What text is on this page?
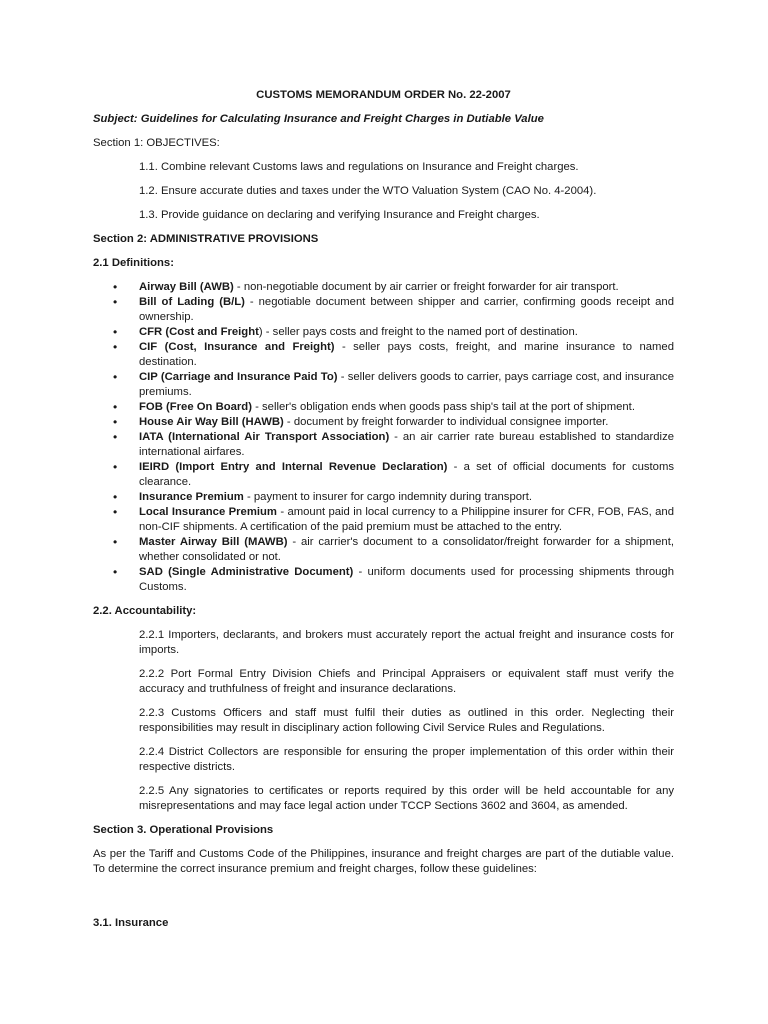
CUSTOMS MEMORANDUM ORDER No. 22-2007

Subject: Guidelines for Calculating Insurance and Freight Charges in Dutiable Value

Section 1: OBJECTIVES:

1.1. Combine relevant Customs laws and regulations on Insurance and Freight charges.

1.2. Ensure accurate duties and taxes under the WTO Valuation System (CAO No. 4-2004).

1.3. Provide guidance on declaring and verifying Insurance and Freight charges.

Section 2: ADMINISTRATIVE PROVISIONS

2.1 Definitions:

• Airway Bill (AWB) - non-negotiable document by air carrier or freight forwarder for air transport.
• Bill of Lading (B/L) - negotiable document between shipper and carrier, confirming goods receipt and ownership.
• CFR (Cost and Freight) - seller pays costs and freight to the named port of destination.
• CIF (Cost, Insurance and Freight) - seller pays costs, freight, and marine insurance to named destination.
• CIP (Carriage and Insurance Paid To) - seller delivers goods to carrier, pays carriage cost, and insurance premiums.
• FOB (Free On Board) - seller's obligation ends when goods pass ship's tail at the port of shipment.
• House Air Way Bill (HAWB) - document by freight forwarder to individual consignee importer.
• IATA (International Air Transport Association) - an air carrier rate bureau established to standardize international airfares.
• IEIRD (Import Entry and Internal Revenue Declaration) - a set of official documents for customs clearance.
• Insurance Premium - payment to insurer for cargo indemnity during transport.
• Local Insurance Premium - amount paid in local currency to a Philippine insurer for CFR, FOB, FAS, and non-CIF shipments. A certification of the paid premium must be attached to the entry.
• Master Airway Bill (MAWB) - air carrier's document to a consolidator/freight forwarder for a shipment, whether consolidated or not.
• SAD (Single Administrative Document) - uniform documents used for processing shipments through Customs.

2.2. Accountability:

2.2.1 Importers, declarants, and brokers must accurately report the actual freight and insurance costs for imports.

2.2.2 Port Formal Entry Division Chiefs and Principal Appraisers or equivalent staff must verify the accuracy and truthfulness of freight and insurance declarations.

2.2.3 Customs Officers and staff must fulfil their duties as outlined in this order. Neglecting their responsibilities may result in disciplinary action following Civil Service Rules and Regulations.

2.2.4 District Collectors are responsible for ensuring the proper implementation of this order within their respective districts.

2.2.5 Any signatories to certificates or reports required by this order will be held accountable for any misrepresentations and may face legal action under TCCP Sections 3602 and 3604, as amended.

Section 3. Operational Provisions

As per the Tariff and Customs Code of the Philippines, insurance and freight charges are part of the dutiable value. To determine the correct insurance premium and freight charges, follow these guidelines:

3.1. Insurance
